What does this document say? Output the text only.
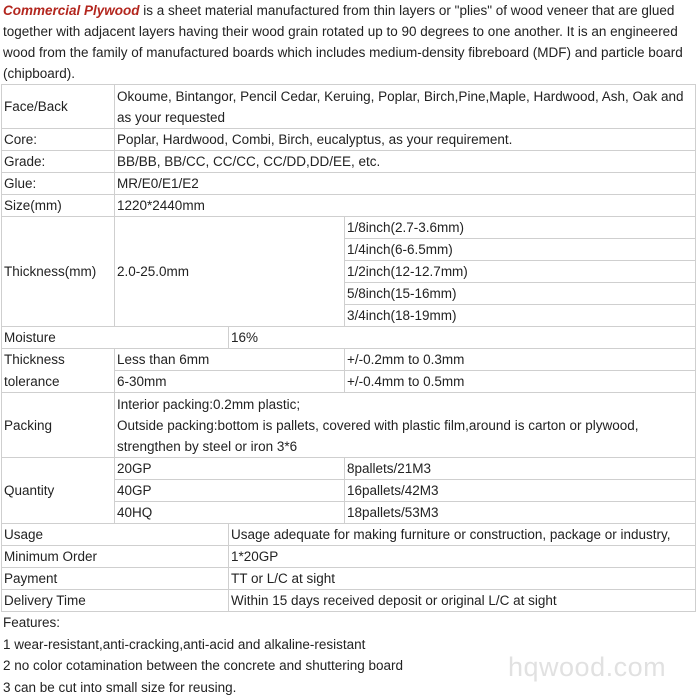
Commercial Plywood is a sheet material manufactured from thin layers or "plies" of wood veneer that are glued together with adjacent layers having their wood grain rotated up to 90 degrees to one another. It is an engineered wood from the family of manufactured boards which includes medium-density fibreboard (MDF) and particle board (chipboard).
Face/Back	Okoume, Bintangor, Pencil Cedar, Keruing, Poplar, Birch,Pine,Maple, Hardwood, Ash, Oak and as your requested		
Core:	Poplar, Hardwood, Combi, Birch, eucalyptus, as your requirement.		
Grade:	BB/BB, BB/CC, CC/CC, CC/DD,DD/EE, etc.		
Glue:	MR/E0/E1/E2		
Size(mm)	1220*2440mm		
Thickness(mm)	2.0-25.0mm		1/8inch(2.7-3.6mm)
			1/4inch(6-6.5mm)
			1/2inch(12-12.7mm)
			5/8inch(15-16mm)
			3/4inch(18-19mm)
Moisture		16%	
Thickness	Less than 6mm		+/-0.2mm to 0.3mm
tolerance	6-30mm		+/-0.4mm to 0.5mm
Packing	Interior packing:0.2mm plastic;
Outside packing:bottom is pallets, covered with plastic film,around is carton or plywood, strengthen by steel or iron 3*6		

Quantity	20GP		8pallets/21M3
	40GP		16pallets/42M3
	40HQ		18pallets/53M3
Usage		Usage adequate for making furniture or construction, package or industry,	
Minimum Order		1*20GP	
Payment		TT or L/C at sight	
Delivery Time		Within 15 days received deposit or original L/C at sight	
Features:
1 wear-resistant,anti-cracking,anti-acid and alkaline-resistant
2 no color cotamination between the concrete and shuttering board
3 can be cut into small size for reusing.
hqwood.com
